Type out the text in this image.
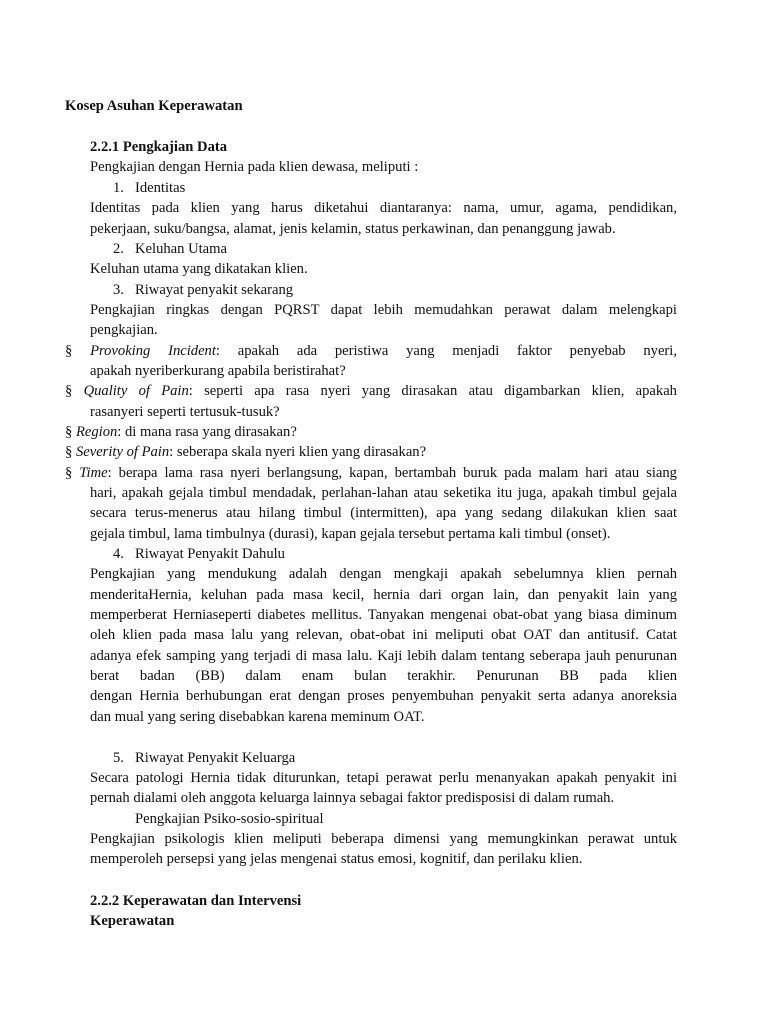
Kosep Asuhan Keperawatan
2.2.1 Pengkajian Data
Pengkajian dengan Hernia pada klien dewasa, meliputi :
1. Identitas
Identitas pada klien yang harus diketahui diantaranya: nama, umur, agama, pendidikan,
pekerjaan, suku/bangsa, alamat, jenis kelamin, status perkawinan, dan penanggung jawab.
2. Keluhan Utama
Keluhan utama yang dikatakan klien.
3. Riwayat penyakit sekarang
Pengkajian ringkas dengan PQRST dapat lebih memudahkan perawat dalam melengkapi
pengkajian.
§ Provoking Incident: apakah ada peristiwa yang menjadi faktor penyebab nyeri,
apakah nyeriberkurang apabila beristirahat?
§ Quality of Pain: seperti apa rasa nyeri yang dirasakan atau digambarkan klien, apakah
rasanyeri seperti tertusuk-tusuk?
§ Region: di mana rasa yang dirasakan?
§ Severity of Pain: seberapa skala nyeri klien yang dirasakan?
§ Time: berapa lama rasa nyeri berlangsung, kapan, bertambah buruk pada malam hari atau siang
hari, apakah gejala timbul mendadak, perlahan-lahan atau seketika itu juga, apakah timbul gejala
secara terus-menerus atau hilang timbul (intermitten), apa yang sedang dilakukan klien saat
gejala timbul, lama timbulnya (durasi), kapan gejala tersebut pertama kali timbul (onset).
4. Riwayat Penyakit Dahulu
Pengkajian yang mendukung adalah dengan mengkaji apakah sebelumnya klien pernah
menderitaHernia, keluhan pada masa kecil, hernia dari organ lain, dan penyakit lain yang
memperberat Herniaseperti diabetes mellitus. Tanyakan mengenai obat-obat yang biasa diminum
oleh klien pada masa lalu yang relevan, obat-obat ini meliputi obat OAT dan antitusif. Catat
adanya efek samping yang terjadi di masa lalu. Kaji lebih dalam tentang seberapa jauh penurunan
berat badan (BB) dalam enam bulan terakhir. Penurunan BB pada klien
dengan Hernia berhubungan erat dengan proses penyembuhan penyakit serta adanya anoreksia
dan mual yang sering disebabkan karena meminum OAT.
5. Riwayat Penyakit Keluarga
Secara patologi Hernia tidak diturunkan, tetapi perawat perlu menanyakan apakah penyakit ini
pernah dialami oleh anggota keluarga lainnya sebagai faktor predisposisi di dalam rumah.
Pengkajian Psiko-sosio-spiritual
Pengkajian psikologis klien meliputi beberapa dimensi yang memungkinkan perawat untuk
memperoleh persepsi yang jelas mengenai status emosi, kognitif, dan perilaku klien.
2.2.2 Keperawatan dan Intervensi
Keperawatan
